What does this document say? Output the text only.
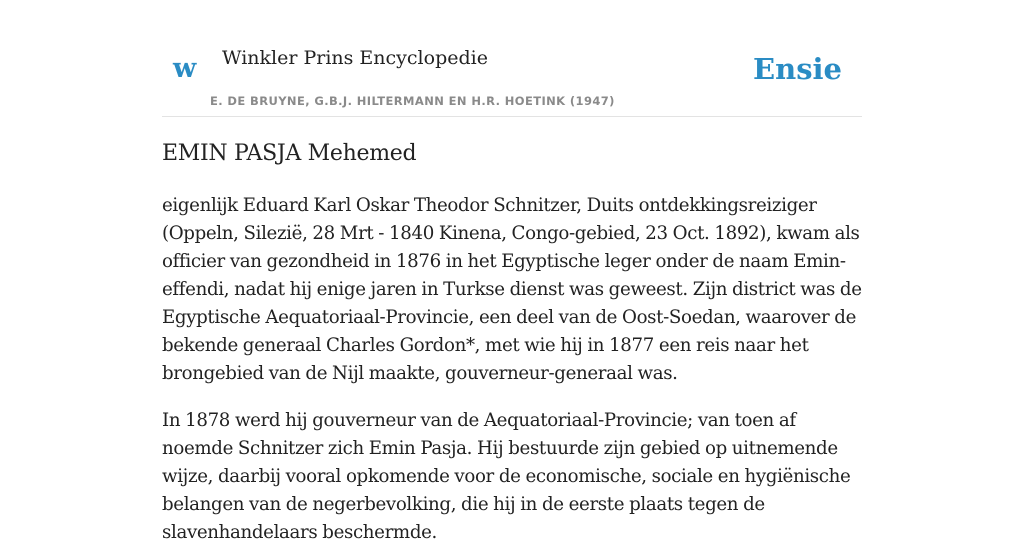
w Winkler Prins Encyclopedie
E. DE BRUYNE, G.B.J. HILTERMANN EN H.R. HOETINK (1947)
Ensie
EMIN PASJA Mehemed

eigenlijk Eduard Karl Oskar Theodor Schnitzer, Duits ontdekkingsreiziger (Oppeln, Silezië, 28 Mrt - 1840 Kinena, Congo-gebied, 23 Oct. 1892), kwam als officier van gezondheid in 1876 in het Egyptische leger onder de naam Emin-effendi, nadat hij enige jaren in Turkse dienst was geweest. Zijn district was de Egyptische Aequatoriaal-Provincie, een deel van de Oost-Soedan, waarover de bekende generaal Charles Gordon*, met wie hij in 1877 een reis naar het brongebied van de Nijl maakte, gouverneur-generaal was.

In 1878 werd hij gouverneur van de Aequatoriaal-Provincie; van toen af noemde Schnitzer zich Emin Pasja. Hij bestuurde zijn gebied op uitnemende wijze, daarbij vooral opkomende voor de economische, sociale en hygiënische belangen van de negerbevolking, die hij in de eerste plaats tegen de slavenhandelaars beschermde.
